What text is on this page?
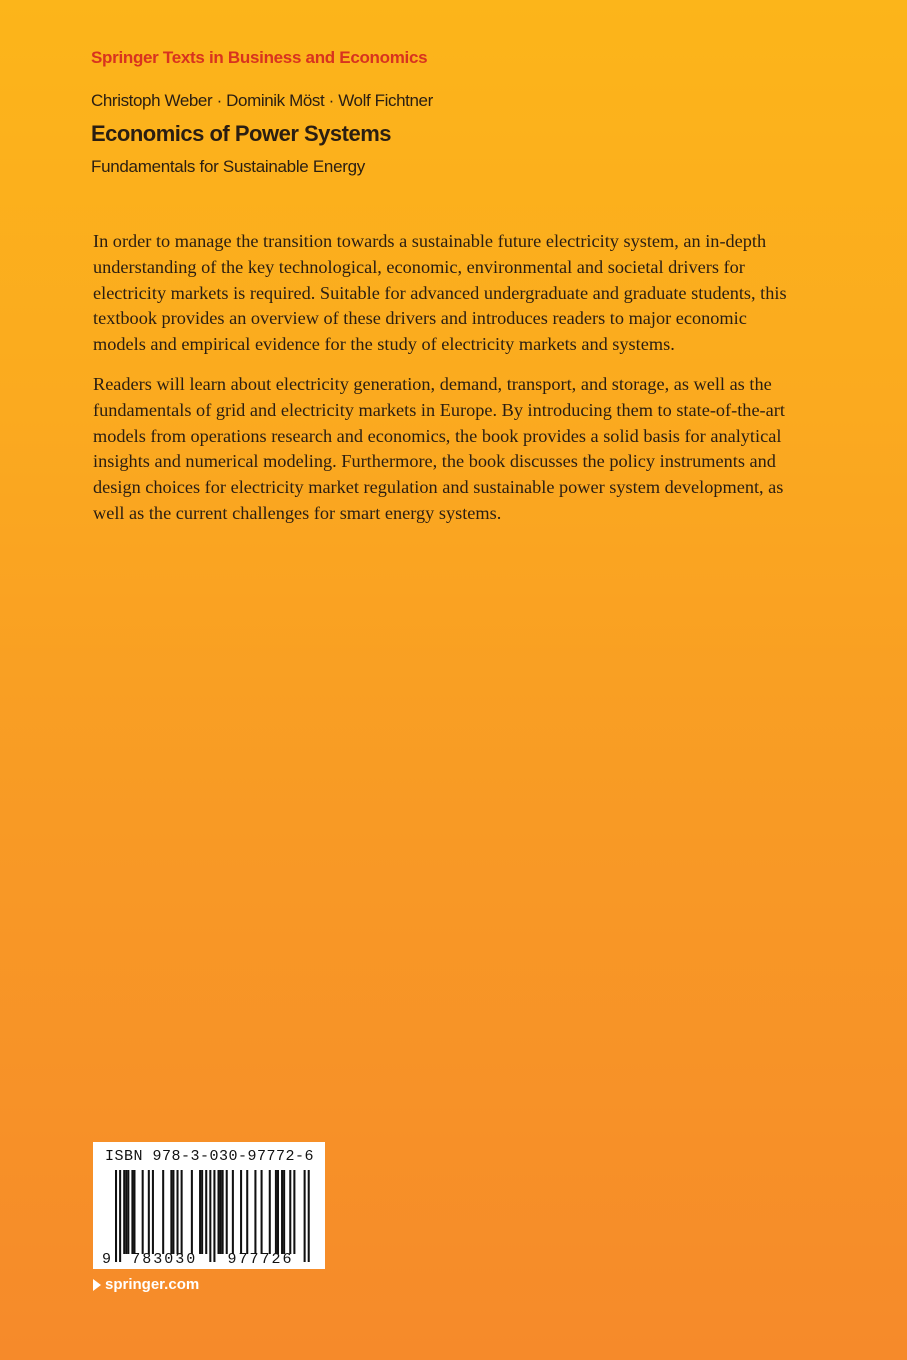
Springer Texts in Business and Economics
Christoph Weber · Dominik Möst · Wolf Fichtner
Economics of Power Systems
Fundamentals for Sustainable Energy

In order to manage the transition towards a sustainable future electricity system, an in-depth understanding of the key technological, economic, environmental and societal drivers for electricity markets is required. Suitable for advanced undergraduate and graduate students, this textbook provides an overview of these drivers and introduces readers to major economic models and empirical evidence for the study of electricity markets and systems.

Readers will learn about electricity generation, demand, transport, and storage, as well as the fundamentals of grid and electricity markets in Europe. By introducing them to state-of-the-art models from operations research and economics, the book provides a solid basis for analytical insights and numerical modeling. Furthermore, the book discusses the policy instruments and design choices for electricity market regulation and sustainable power system development, as well as the current challenges for smart energy systems.

9 783030 977726
ISBN 978-3-030-97772-6
springer.com
